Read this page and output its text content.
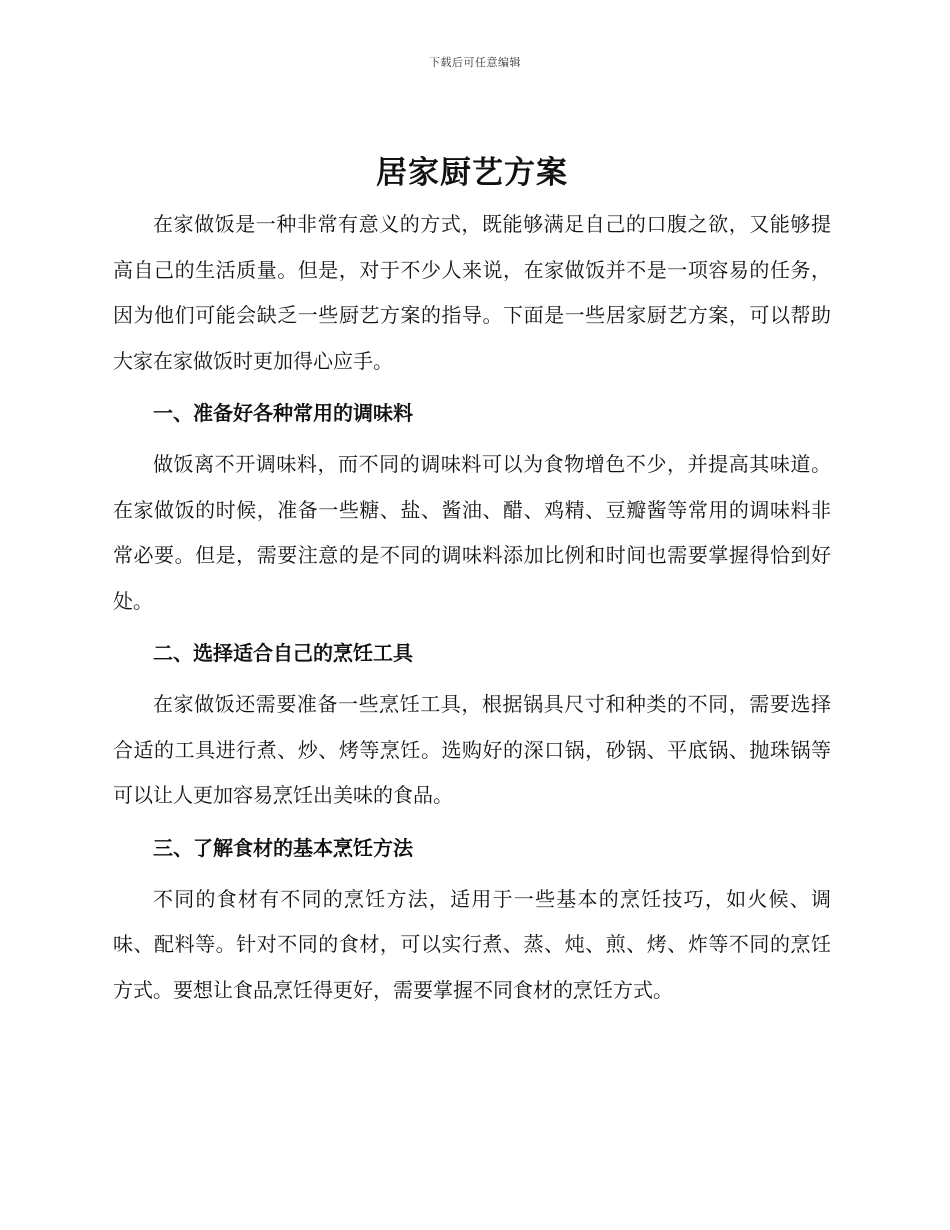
下载后可任意编辑
居家厨艺方案

在家做饭是一种非常有意义的方式，既能够满足自己的口腹之欲，又能够提高自己的生活质量。但是，对于不少人来说，在家做饭并不是一项容易的任务，因为他们可能会缺乏一些厨艺方案的指导。下面是一些居家厨艺方案，可以帮助大家在家做饭时更加得心应手。

一、准备好各种常用的调味料

做饭离不开调味料，而不同的调味料可以为食物增色不少，并提高其味道。在家做饭的时候，准备一些糖、盐、酱油、醋、鸡精、豆瓣酱等常用的调味料非常必要。但是，需要注意的是不同的调味料添加比例和时间也需要掌握得恰到好处。

二、选择适合自己的烹饪工具

在家做饭还需要准备一些烹饪工具，根据锅具尺寸和种类的不同，需要选择合适的工具进行煮、炒、烤等烹饪。选购好的深口锅，砂锅、平底锅、抛珠锅等可以让人更加容易烹饪出美味的食品。

三、了解食材的基本烹饪方法

不同的食材有不同的烹饪方法，适用于一些基本的烹饪技巧，如火候、调味、配料等。针对不同的食材，可以实行煮、蒸、炖、煎、烤、炸等不同的烹饪方式。要想让食品烹饪得更好，需要掌握不同食材的烹饪方式。
